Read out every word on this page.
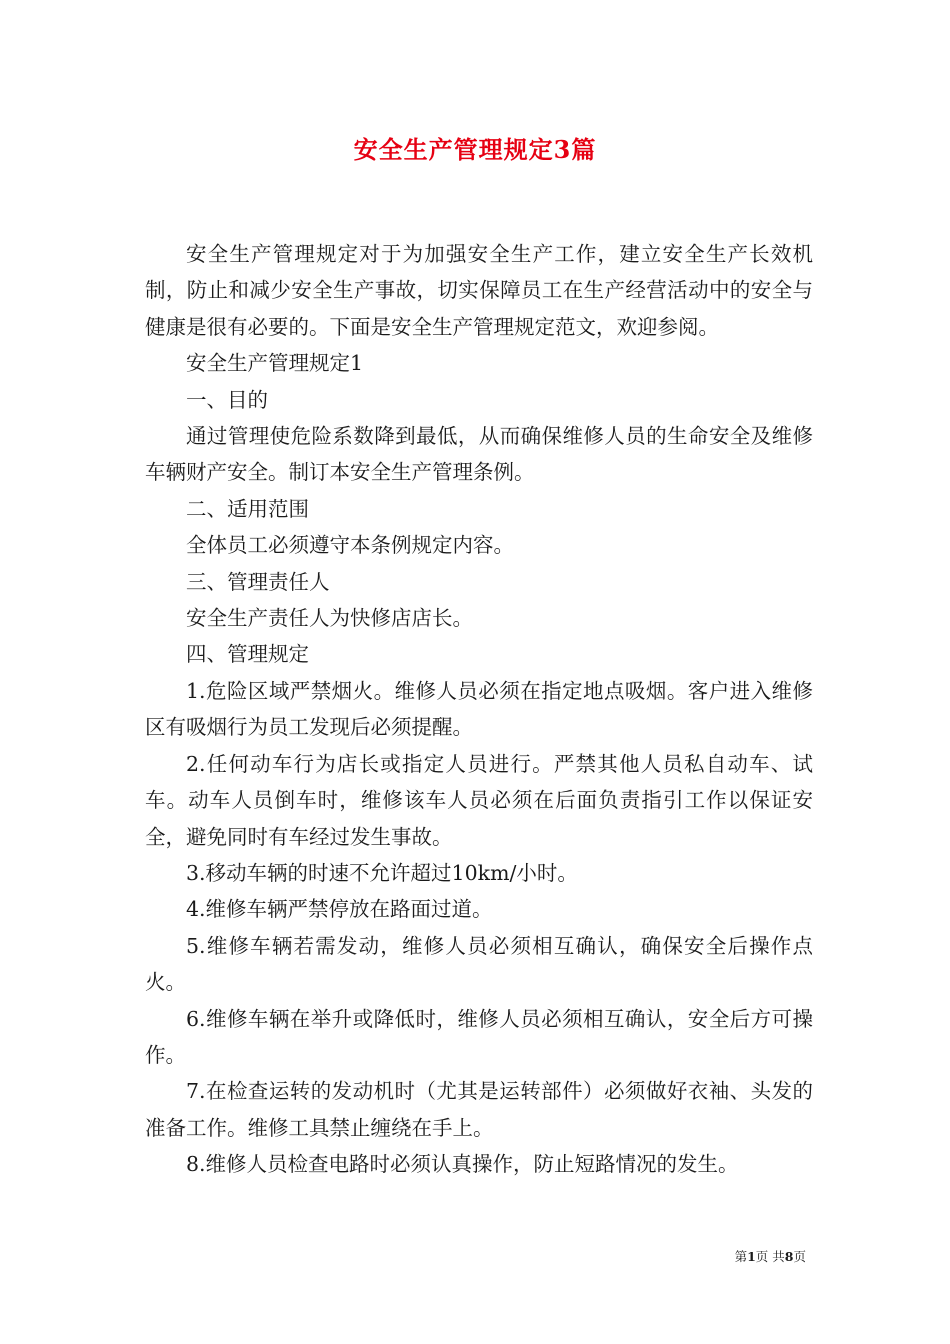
安全生产管理规定3篇

安全生产管理规定对于为加强安全生产工作，建立安全生产长效机制，防止和减少安全生产事故，切实保障员工在生产经营活动中的安全与健康是很有必要的。下面是安全生产管理规定范文，欢迎参阅。

安全生产管理规定1

一、目的

通过管理使危险系数降到最低，从而确保维修人员的生命安全及维修车辆财产安全。制订本安全生产管理条例。

二、适用范围

全体员工必须遵守本条例规定内容。

三、管理责任人

安全生产责任人为快修店店长。

四、管理规定

1.危险区域严禁烟火。维修人员必须在指定地点吸烟。客户进入维修区有吸烟行为员工发现后必须提醒。

2.任何动车行为店长或指定人员进行。严禁其他人员私自动车、试车。动车人员倒车时，维修该车人员必须在后面负责指引工作以保证安全，避免同时有车经过发生事故。

3.移动车辆的时速不允许超过10km/小时。

4.维修车辆严禁停放在路面过道。

5.维修车辆若需发动，维修人员必须相互确认，确保安全后操作点火。

6.维修车辆在举升或降低时，维修人员必须相互确认，安全后方可操作。

7.在检查运转的发动机时（尤其是运转部件）必须做好衣袖、头发的准备工作。维修工具禁止缠绕在手上。

8.维修人员检查电路时必须认真操作，防止短路情况的发生。

第1页 共8页
